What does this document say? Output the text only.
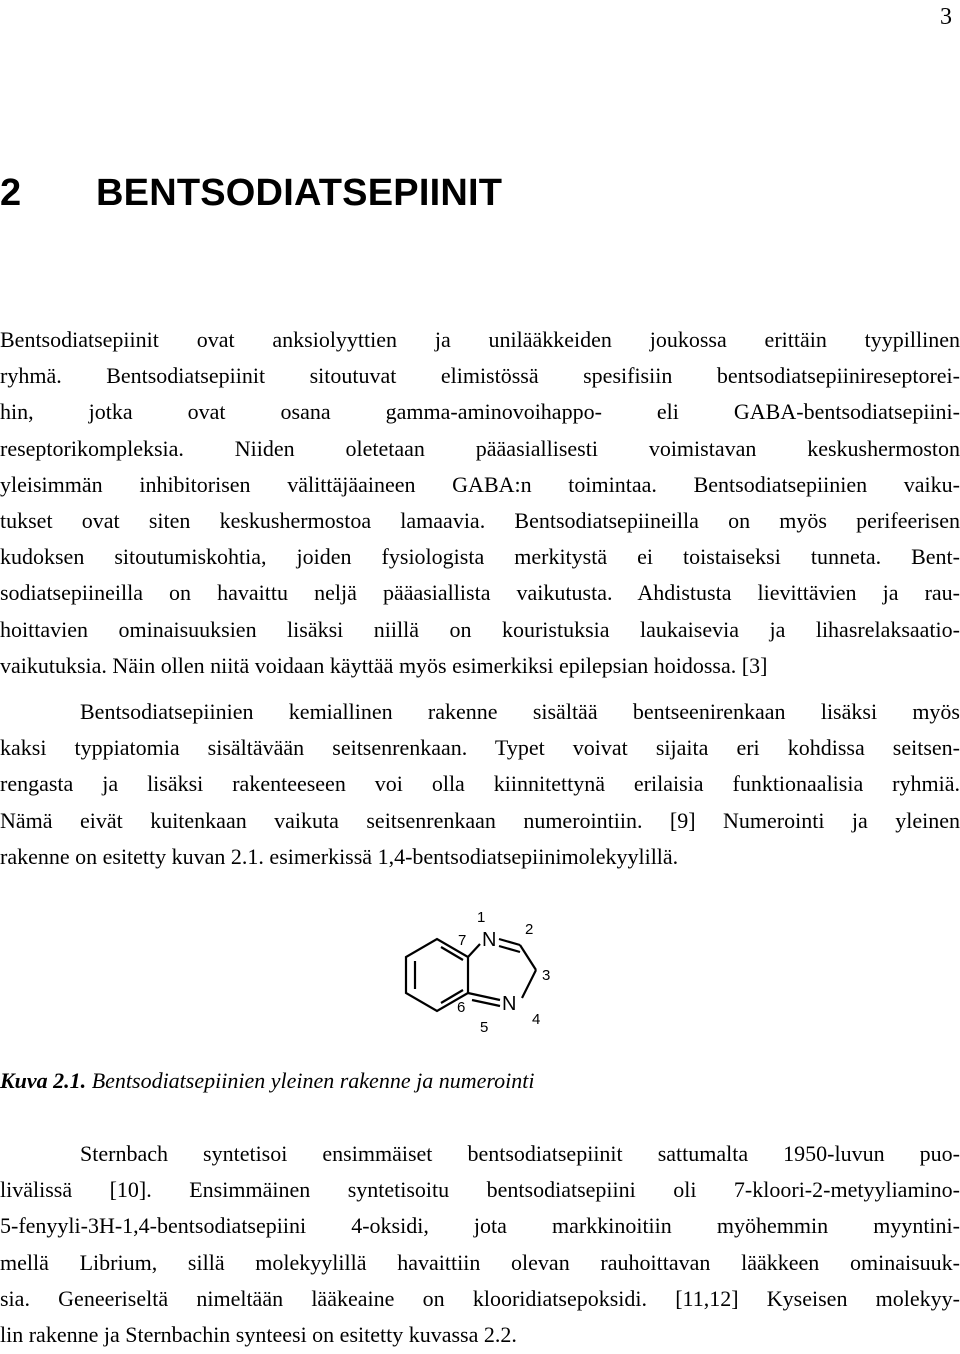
3
2 BENTSODIATSEPIINIT
Bentsodiatsepiinit ovat anksiolyyttien ja unilääkkeiden joukossa erittäin tyypillinen
ryhmä. Bentsodiatsepiinit sitoutuvat elimistössä spesifisiin bentsodiatsepiinireseptorei-
hin, jotka ovat osana gamma-aminovoihappo- eli GABA-bentsodiatsepiini-
reseptorikompleksia. Niiden oletetaan pääasiallisesti voimistavan keskushermoston
yleisimmän inhibitorisen välittäjäaineen GABA:n toimintaa. Bentsodiatsepiinien vaiku-
tukset ovat siten keskushermostoa lamaavia. Bentsodiatsepiineilla on myös perifeerisen
kudoksen sitoutumiskohtia, joiden fysiologista merkitystä ei toistaiseksi tunneta. Bent-
sodiatsepiineilla on havaittu neljä pääasiallista vaikutusta. Ahdistusta lievittävien ja rau-
hoittavien ominaisuuksien lisäksi niillä on kouristuksia laukaisevia ja lihasrelaksaatio-
vaikutuksia. Näin ollen niitä voidaan käyttää myös esimerkiksi epilepsian hoidossa. [3]
Bentsodiatsepiinien kemiallinen rakenne sisältää bentseenirenkaan lisäksi myös
kaksi typpiatomia sisältävään seitsenrenkaan. Typet voivat sijaita eri kohdissa seitsen-
rengasta ja lisäksi rakenteeseen voi olla kiinnitettynä erilaisia funktionaalisia ryhmiä.
Nämä eivät kuitenkaan vaikuta seitsenrenkaan numerointiin. [9] Numerointi ja yleinen
rakenne on esitetty kuvan 2.1. esimerkissä 1,4-bentsodiatsepiinimolekyylillä.
N
N
1
2
3
4
5
6
7
Kuva 2.1. Bentsodiatsepiinien yleinen rakenne ja numerointi
Sternbach syntetisoi ensimmäiset bentsodiatsepiinit sattumalta 1950-luvun puo-
livälissä [10]. Ensimmäinen syntetisoitu bentsodiatsepiini oli 7-kloori-2-metyyliamino-
5-fenyyli-3H-1,4-bentsodiatsepiini 4-oksidi, jota markkinoitiin myöhemmin myyntini-
mellä Librium, sillä molekyylillä havaittiin olevan rauhoittavan lääkkeen ominaisuuk-
sia. Geneeriseltä nimeltään lääkeaine on klooridiatsepoksidi. [11,12] Kyseisen molekyy-
lin rakenne ja Sternbachin synteesi on esitetty kuvassa 2.2.
